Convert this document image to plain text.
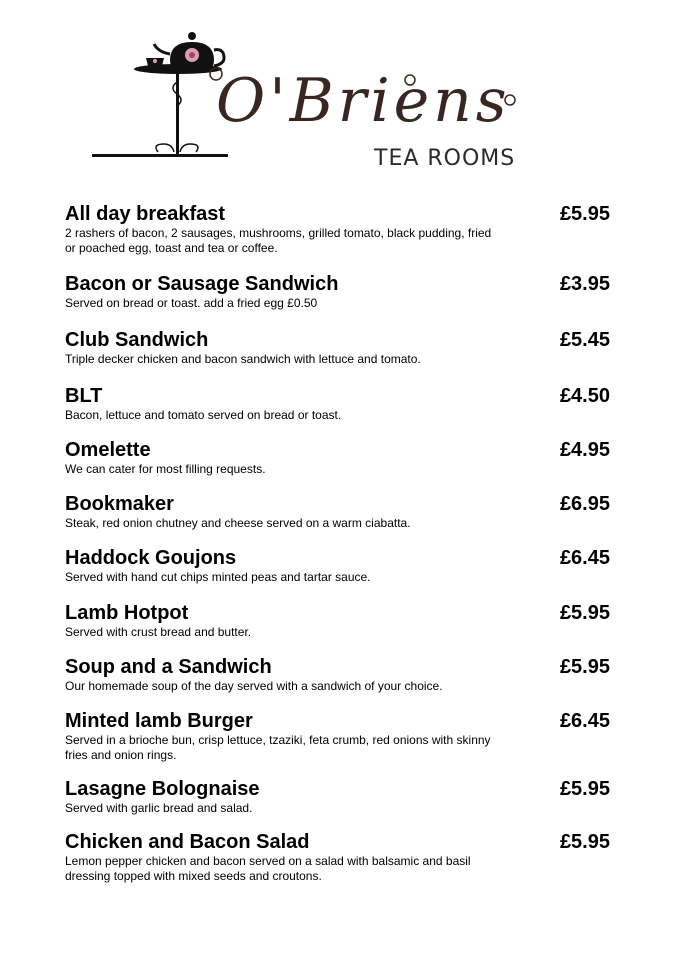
O'Briens
TEA ROOMS
All day breakfast	£5.95
2 rashers of bacon, 2 sausages, mushrooms, grilled tomato, black pudding, fried or poached egg, toast and tea or coffee.
Bacon or Sausage Sandwich	£3.95
Served on bread or toast. add a fried egg £0.50
Club Sandwich	£5.45
Triple decker chicken and bacon sandwich with lettuce and tomato.
BLT	£4.50
Bacon, lettuce and tomato served on bread or toast.
Omelette	£4.95
We can cater for most filling requests.
Bookmaker	£6.95
Steak, red onion chutney and cheese served on a warm ciabatta.
Haddock Goujons	£6.45
Served with hand cut chips minted peas and tartar sauce.
Lamb Hotpot	£5.95
Served with crust bread and butter.
Soup and a Sandwich	£5.95
Our homemade soup of the day served with a sandwich of your choice.
Minted lamb Burger	£6.45
Served in a brioche bun, crisp lettuce, tzaziki, feta crumb, red onions with skinny fries and onion rings.
Lasagne Bolognaise	£5.95
Served with garlic bread and salad.
Chicken and Bacon Salad	£5.95
Lemon pepper chicken and bacon served on a salad with balsamic and basil dressing topped with mixed seeds and croutons.
